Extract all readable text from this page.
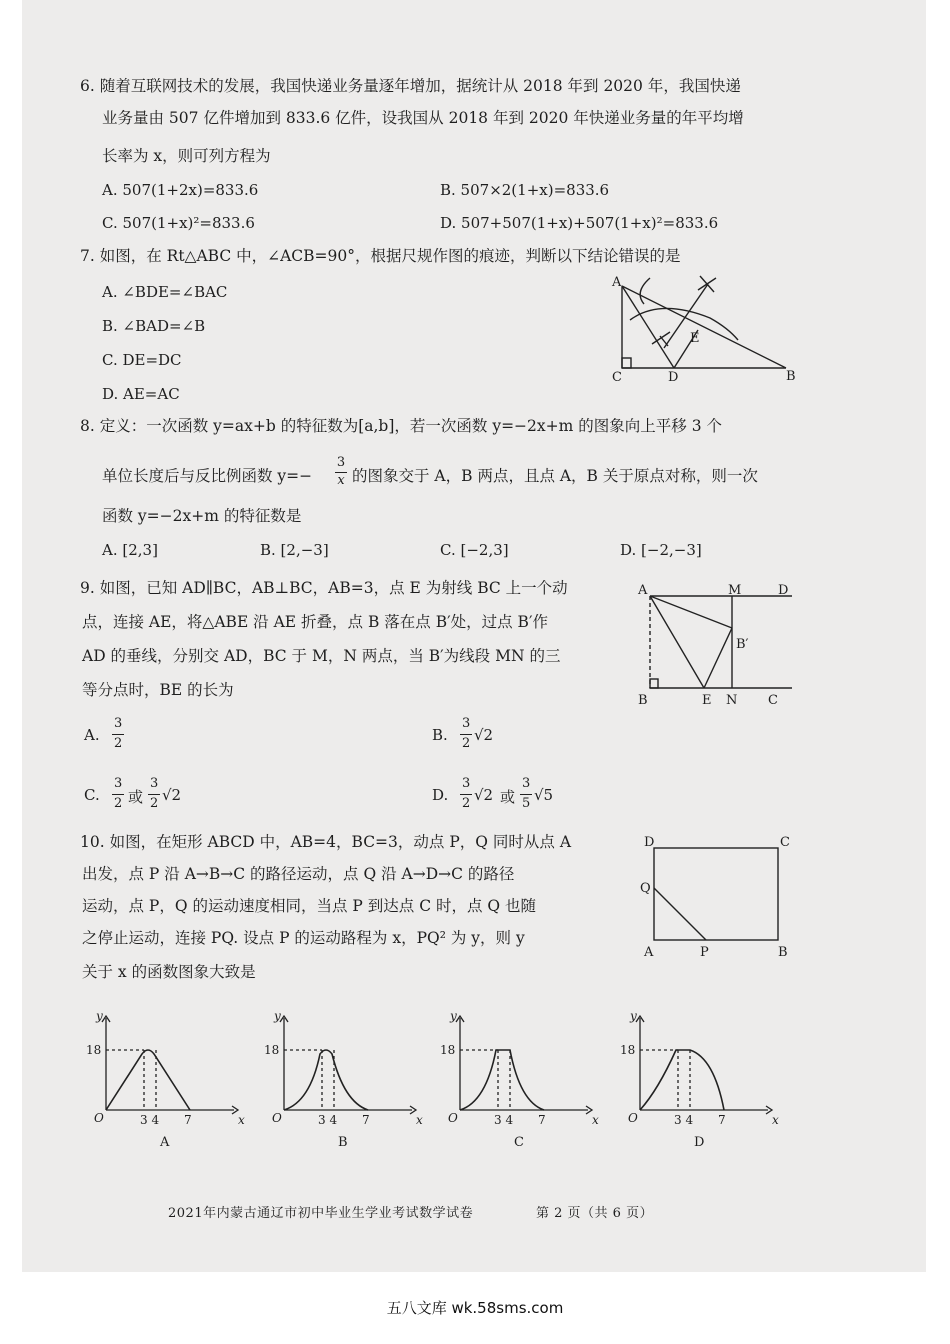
6. 随着互联网技术的发展，我国快递业务量逐年增加，据统计从 2018 年到 2020 年，我国快递
业务量由 507 亿件增加到 833.6 亿件，设我国从 2018 年到 2020 年快递业务量的年平均增
长率为 x，则可列方程为
A. 507(1+2x)=833.6	B. 507×2(1+x)=833.6
C. 507(1+x)²=833.6	D. 507+507(1+x)+507(1+x)²=833.6
7. 如图，在 Rt△ABC 中，∠ACB=90°，根据尺规作图的痕迹，判断以下结论错误的是
A. ∠BDE=∠BAC
B. ∠BAD=∠B
C. DE=DC
D. AE=AC
A
C	D
E
B
8. 定义：一次函数 y=ax+b 的特征数为[a,b]，若一次函数 y=−2x+m 的图象向上平移 3 个
单位长度后与反比例函数 y=−
3
x 的图象交于 A，B 两点，且点 A，B 关于原点对称，则一次
函数 y=−2x+m 的特征数是
A. [2,3]	B. [2,−3]	C. [−2,3]	D. [−2,−3]
9. 如图，已知 AD∥BC，AB⊥BC，AB=3，点 E 为射线 BC 上一个动
点，连接 AE，将△ABE 沿 AE 折叠，点 B 落在点 B′处，过点 B′作
AD 的垂线，分别交 AD，BC 于 M，N 两点，当 B′为线段 MN 的三
等分点时，BE 的长为
A	M	D
B′
B	E N C
A.
3
2	B.
3
2 √2
C.
3
2 或
3
2 √2	D.
3
2 √2 或
3
5 √5
10. 如图，在矩形 ABCD 中，AB=4，BC=3，动点 P，Q 同时从点 A
出发，点 P 沿 A→B→C 的路径运动，点 Q 沿 A→D→C 的路径
运动，点 P，Q 的运动速度相同，当点 P 到达点 C 时，点 Q 也随
之停止运动，连接 PQ. 设点 P 的运动路程为 x，PQ² 为 y，则 y
关于 x 的函数图象大致是
D	C
Q
A	P	B
y
18
O	3 4 7	x
A
y
18
O	3 4 7	x
B
y
18
O	3 4 7	x
C
y
18
O	3 4 7	x
D
2021年内蒙古通辽市初中毕业生学业考试数学试卷	第 2 页（共 6 页）
五八文库 wk.58sms.com
